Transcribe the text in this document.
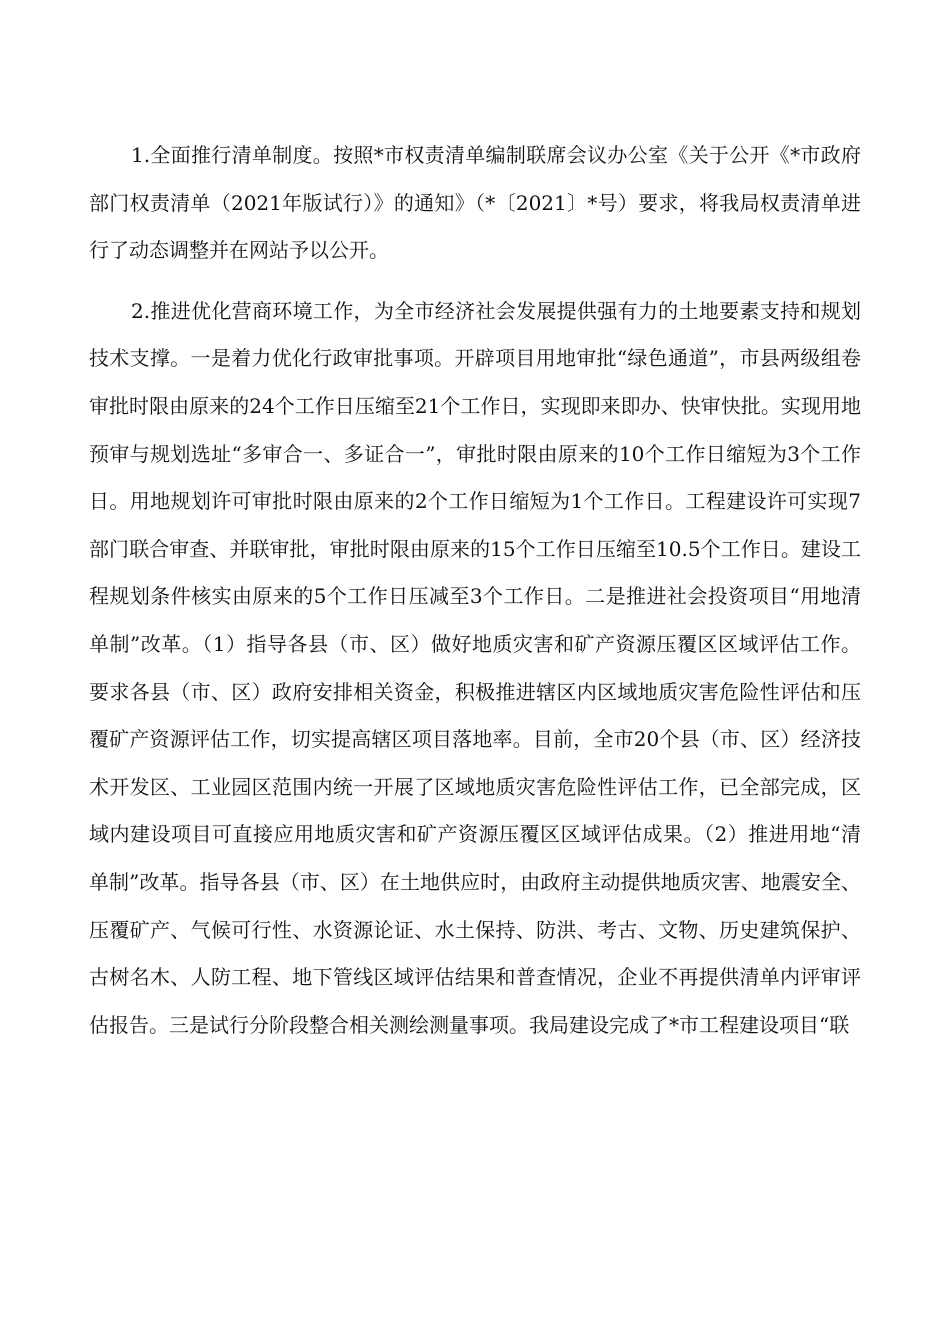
1.全面推行清单制度。按照*市权责清单编制联席会议办公室《关于公开《*市政府部门权责清单（2021年版试行）》的通知》（*〔2021〕*号）要求，将我局权责清单进行了动态调整并在网站予以公开。

2.推进优化营商环境工作，为全市经济社会发展提供强有力的土地要素支持和规划技术支撑。一是着力优化行政审批事项。开辟项目用地审批“绿色通道”，市县两级组卷审批时限由原来的24个工作日压缩至21个工作日，实现即来即办、快审快批。实现用地预审与规划选址“多审合一、多证合一”，审批时限由原来的10个工作日缩短为3个工作日。用地规划许可审批时限由原来的2个工作日缩短为1个工作日。工程建设许可实现7部门联合审查、并联审批，审批时限由原来的15个工作日压缩至10.5个工作日。建设工程规划条件核实由原来的5个工作日压减至3个工作日。二是推进社会投资项目“用地清单制”改革。（1）指导各县（市、区）做好地质灾害和矿产资源压覆区区域评估工作。要求各县（市、区）政府安排相关资金，积极推进辖区内区域地质灾害危险性评估和压覆矿产资源评估工作，切实提高辖区项目落地率。目前，全市20个县（市、区）经济技术开发区、工业园区范围内统一开展了区域地质灾害危险性评估工作，已全部完成，区域内建设项目可直接应用地质灾害和矿产资源压覆区区域评估成果。（2）推进用地“清单制”改革。指导各县（市、区）在土地供应时，由政府主动提供地质灾害、地震安全、压覆矿产、气候可行性、水资源论证、水土保持、防洪、考古、文物、历史建筑保护、古树名木、人防工程、地下管线区域评估结果和普查情况，企业不再提供清单内评审评估报告。三是试行分阶段整合相关测绘测量事项。我局建设完成了*市工程建设项目“联
